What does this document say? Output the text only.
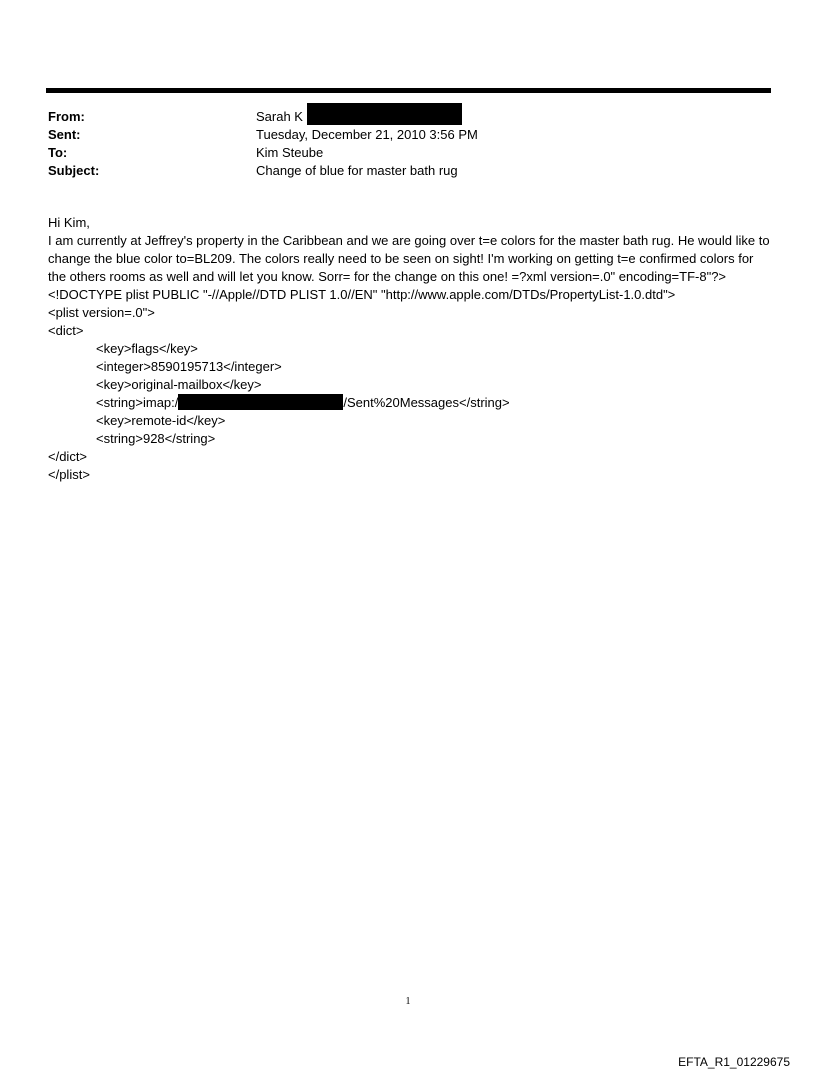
From:	Sarah K
Sent:	Tuesday, December 21, 2010 3:56 PM
To:	Kim Steube
Subject:	Change of blue for master bath rug
Hi Kim,
I am currently at Jeffrey's property in the Caribbean and we are going over t=e colors for the master bath rug. He would like to change the blue color to=BL209. The colors really need to be seen on sight! I'm working on getting t=e confirmed colors for the others rooms as well and will let you know. Sorr= for the change on this one! =?xml version=.0" encoding=TF-8"?> <!DOCTYPE plist PUBLIC "-//Apple//DTD PLIST 1.0//EN" "http://www.apple.com/DTDs/PropertyList-1.0.dtd">
<plist version=.0">
<dict>
<key>flags</key>
<integer>8590195713</integer>
<key>original-mailbox</key>
<string>imap:/	/Sent%20Messages</string>
<key>remote-id</key>
<string>928</string>
</dict>
</plist>
1
EFTA_R1_01229675
